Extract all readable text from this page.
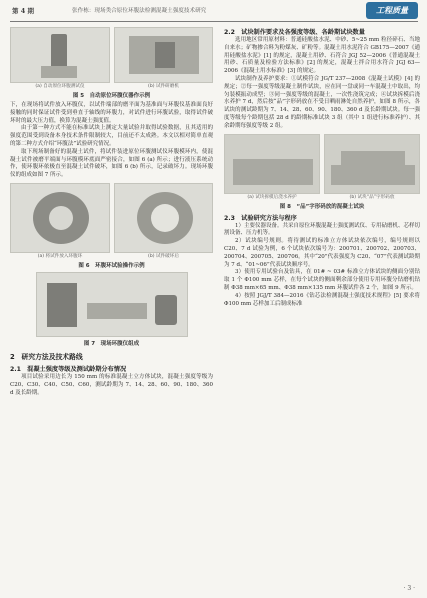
第 4 期	张作栋：现场类合原位环腹法检测混凝土强度技术研究	工程质量
(a) 自动原位环腹测试仪	(b) 试件研磨机
图 5　自动原位环腹仪器作示例

下，在现场将试件放入环腹仪，以试件端部的磨平面为基准面与环腹仪基准面良好接触的同时保证试件受到垂直于轴线的环腹力，对试件进行环腹试验，取得试件破坏时的最大压力值，换算为混凝土强度值。

由于第一种方式不能在标准试块上测定大量试验并取得试验数据，且其适用的强度范围受到设备本身技术条件限制较大，目前还不太成熟。本文以相对简单直观的第二种方式介绍“环腹法”试验研究情况。

取下现场制备好的混凝土试件，将试件装进原位环腹测试仪环腹模环内，使混凝土试件被磨平端面与环腹模环底面严密接合，如图 6 (a) 所示；进行液压系统动作，使环腹环依极直至混凝土试件破坏，如图 6 (b) 所示，记录破坏力。现场环腹仪的组成如图 7 所示。

(a) 将试件放入环腹环	(b) 试件破坏后
图 6　环腹环试验操作示例
图 7　现场环腹仪组成
2　研究方法及技术路线
2.1　混凝土强度等级及测试龄期分布情况

项目试验采用边长为 150 mm 的标准混凝土立方体试块，混凝土强度等级为 C20、C30、C40、C50、C60，测试龄期为 7、14、28、60、90、180、360 d 及长龄期。

2.2　试块制作要求及各强度等级、各龄期试块数量

选用地区常用原材料：普通硅酸盐水泥、中砂、5~25 mm 粒径碎石、当地自来水；矿物掺合料为粉煤灰、矿粉等。混凝土用水泥符合 GB175—2007《通用硅酸盐水泥》[1] 的规定，混凝土用砂、石符合 JGJ 52—2006《普通混凝土用砂、石质量及检验方法标准》[2] 的规定，混凝土拌合用水符合 JGJ 63—2006《混凝土用水标准》[3] 的规定。

试块制作及养护要求：①试模符合 JG/T 237—2008《混凝土试模》[4] 的规定；②每一强度等级混凝土制作试块，应在同一盘或同一车混凝土中取出，均匀装模振动成型；③同一强度等级的混凝土，一次性浇筑完成；④试块拆模后浇水养护 7 d，然后按“品”字形码放在不受日晒雨淋处自然养护，如图 8 所示，各试块的测试龄期为 7、14、28、60、90、180、360 d 及长龄期试块。每一强度等级每个龄期包括 28 d 的龄期标准试块 3 组（其中 1 组进行标准养护）、其余龄期每强度等级 2 组。

(a) 试块拆模后浇水养护	(b) 试块“品”字形码放
图 8　“品”字形码放的混凝土试块
2.3　试验研究方法与程序

1）主要仪器设备。共采自原位环腹混凝土强度测试仪、专用砧磨机、芯样切割设备、压力机等。

2）试块编号规则。将待测试的标准立方体试块依次编号，编号规则以 C20、7 d 试验为例，6 个试块依次编号为：200701、200702、200703、200704、200705、200706。其中“20”代表强度为 C20、“07”代表测试龄期为 7 d、“01~06”代表试块顺序号。

3）使用专用试验台及钻具，在 01# ~ 03# 标准立方体试块的侧面分别钻取 1 个 Φ100 mm 芯样，在每个试块的侧面剩余部分使用专用环腹分钻磨机钻制 Φ38 mm×65 mm、Φ38 mm×135 mm 环腹试件各 2 个，如图 9 所示。

4）按照 JGJ/T 384—2016《钻芯法检测混凝土强度技术规程》[5] 要求将 Φ100 mm 芯样加工后制成标准

· 3 ·
